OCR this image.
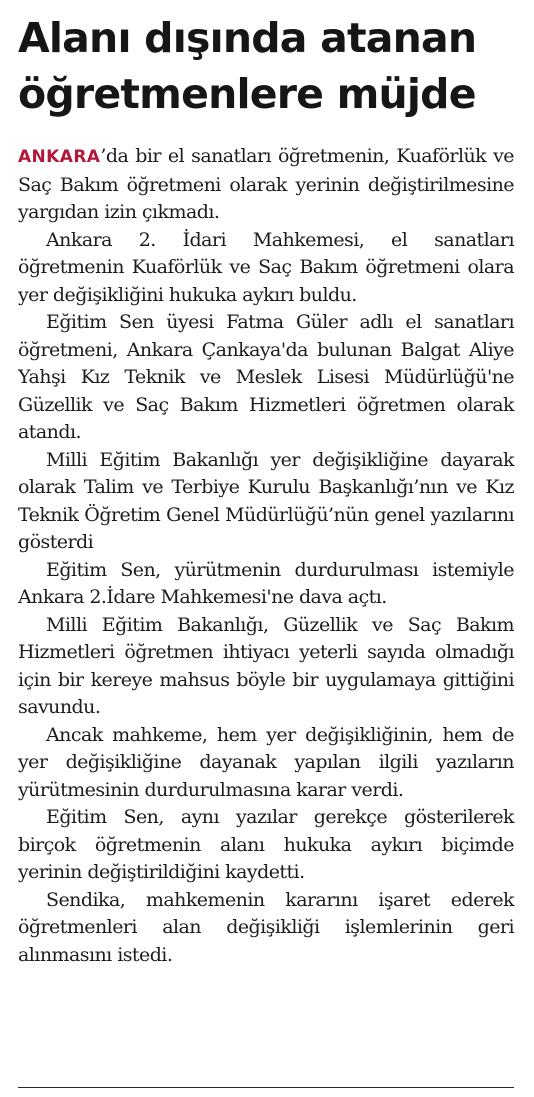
Alanı dışında atanan
öğretmenlere müjde

ANKARA’da bir el sanatları öğretmenin, Kuaförlük ve Saç Bakım öğretmeni olarak yerinin değiştirilmesine yargıdan izin çıkmadı.

Ankara 2. İdari Mahkemesi, el sanatları öğretmenin Kuaförlük ve Saç Bakım öğretmeni olara yer değişikliğini hukuka aykırı buldu.

Eğitim Sen üyesi Fatma Güler adlı el sanatları öğretmeni, Ankara Çankaya'da bulunan Balgat Aliye Yahşi Kız Teknik ve Meslek Lisesi Müdürlüğü'ne Güzellik ve Saç Bakım Hizmetleri öğretmen olarak atandı.

Milli Eğitim Bakanlığı yer değişikliğine dayarak olarak Talim ve Terbiye Kurulu Başkanlığı’nın ve Kız Teknik Öğretim Genel Müdürlüğü’nün genel yazılarını gösterdi

Eğitim Sen, yürütmenin durdurulması istemiyle Ankara 2.İdare Mahkemesi'ne dava açtı.

Milli Eğitim Bakanlığı, Güzellik ve Saç Bakım Hizmetleri öğretmen ihtiyacı yeterli sayıda olmadığı için bir kereye mahsus böyle bir uygulamaya gittiğini savundu.

Ancak mahkeme, hem yer değişikliğinin, hem de yer değişikliğine dayanak yapılan ilgili yazıların yürütmesinin durdurulmasına karar verdi.

Eğitim Sen, aynı yazılar gerekçe gösterilerek birçok öğretmenin alanı hukuka aykırı biçimde yerinin değiştirildiğini kaydetti.

Sendika, mahkemenin kararını işaret ederek öğretmenleri alan değişikliği işlemlerinin geri alınmasını istedi.
